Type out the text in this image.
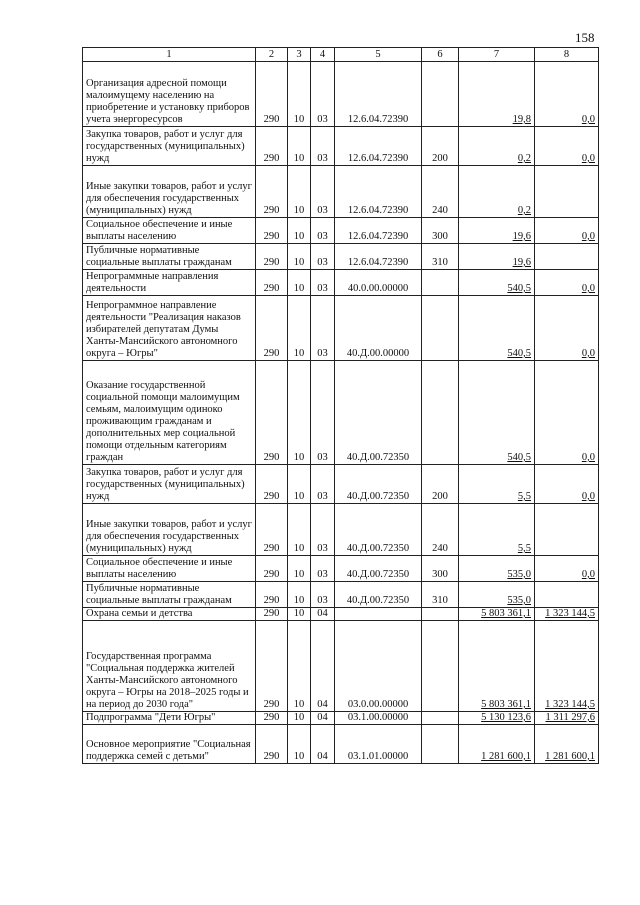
158
1	2	3	4	5	6	7	8
Организация адресной помощи малоимущему населению на приобретение и установку приборов учета энергоресурсов	290	10	03	12.6.04.72390		19,8	0,0
Закупка товаров, работ и услуг для государственных (муниципальных) нужд	290	10	03	12.6.04.72390	200	0,2	0,0
Иные закупки товаров, работ и услуг для обеспечения государственных (муниципальных) нужд	290	10	03	12.6.04.72390	240	0,2	
Социальное обеспечение и иные выплаты населению	290	10	03	12.6.04.72390	300	19,6	0,0
Публичные нормативные социальные выплаты гражданам	290	10	03	12.6.04.72390	310	19,6	
Непрограммные направления деятельности	290	10	03	40.0.00.00000		540,5	0,0
Непрограммное направление деятельности "Реализация наказов избирателей депутатам Думы Ханты-Мансийского автономного округа – Югры"	290	10	03	40.Д.00.00000		540,5	0,0
Оказание государственной социальной помощи малоимущим семьям, малоимущим одиноко проживающим гражданам и дополнительных мер социальной помощи отдельным категориям граждан	290	10	03	40.Д.00.72350		540,5	0,0
Закупка товаров, работ и услуг для государственных (муниципальных) нужд	290	10	03	40.Д.00.72350	200	5,5	0,0
Иные закупки товаров, работ и услуг для обеспечения государственных (муниципальных) нужд	290	10	03	40.Д.00.72350	240	5,5	
Социальное обеспечение и иные выплаты населению	290	10	03	40.Д.00.72350	300	535,0	0,0
Публичные нормативные социальные выплаты гражданам	290	10	03	40.Д.00.72350	310	535,0	
Охрана семьи и детства	290	10	04			5 803 361,1	1 323 144,5
Государственная программа "Социальная поддержка жителей Ханты-Мансийского автономного округа – Югры на 2018–2025 годы и на период до 2030 года"	290	10	04	03.0.00.00000		5 803 361,1	1 323 144,5
Подпрограмма "Дети Югры"	290	10	04	03.1.00.00000		5 130 123,6	1 311 297,6
Основное мероприятие "Социальная поддержка семей с детьми"	290	10	04	03.1.01.00000		1 281 600,1	1 281 600,1
